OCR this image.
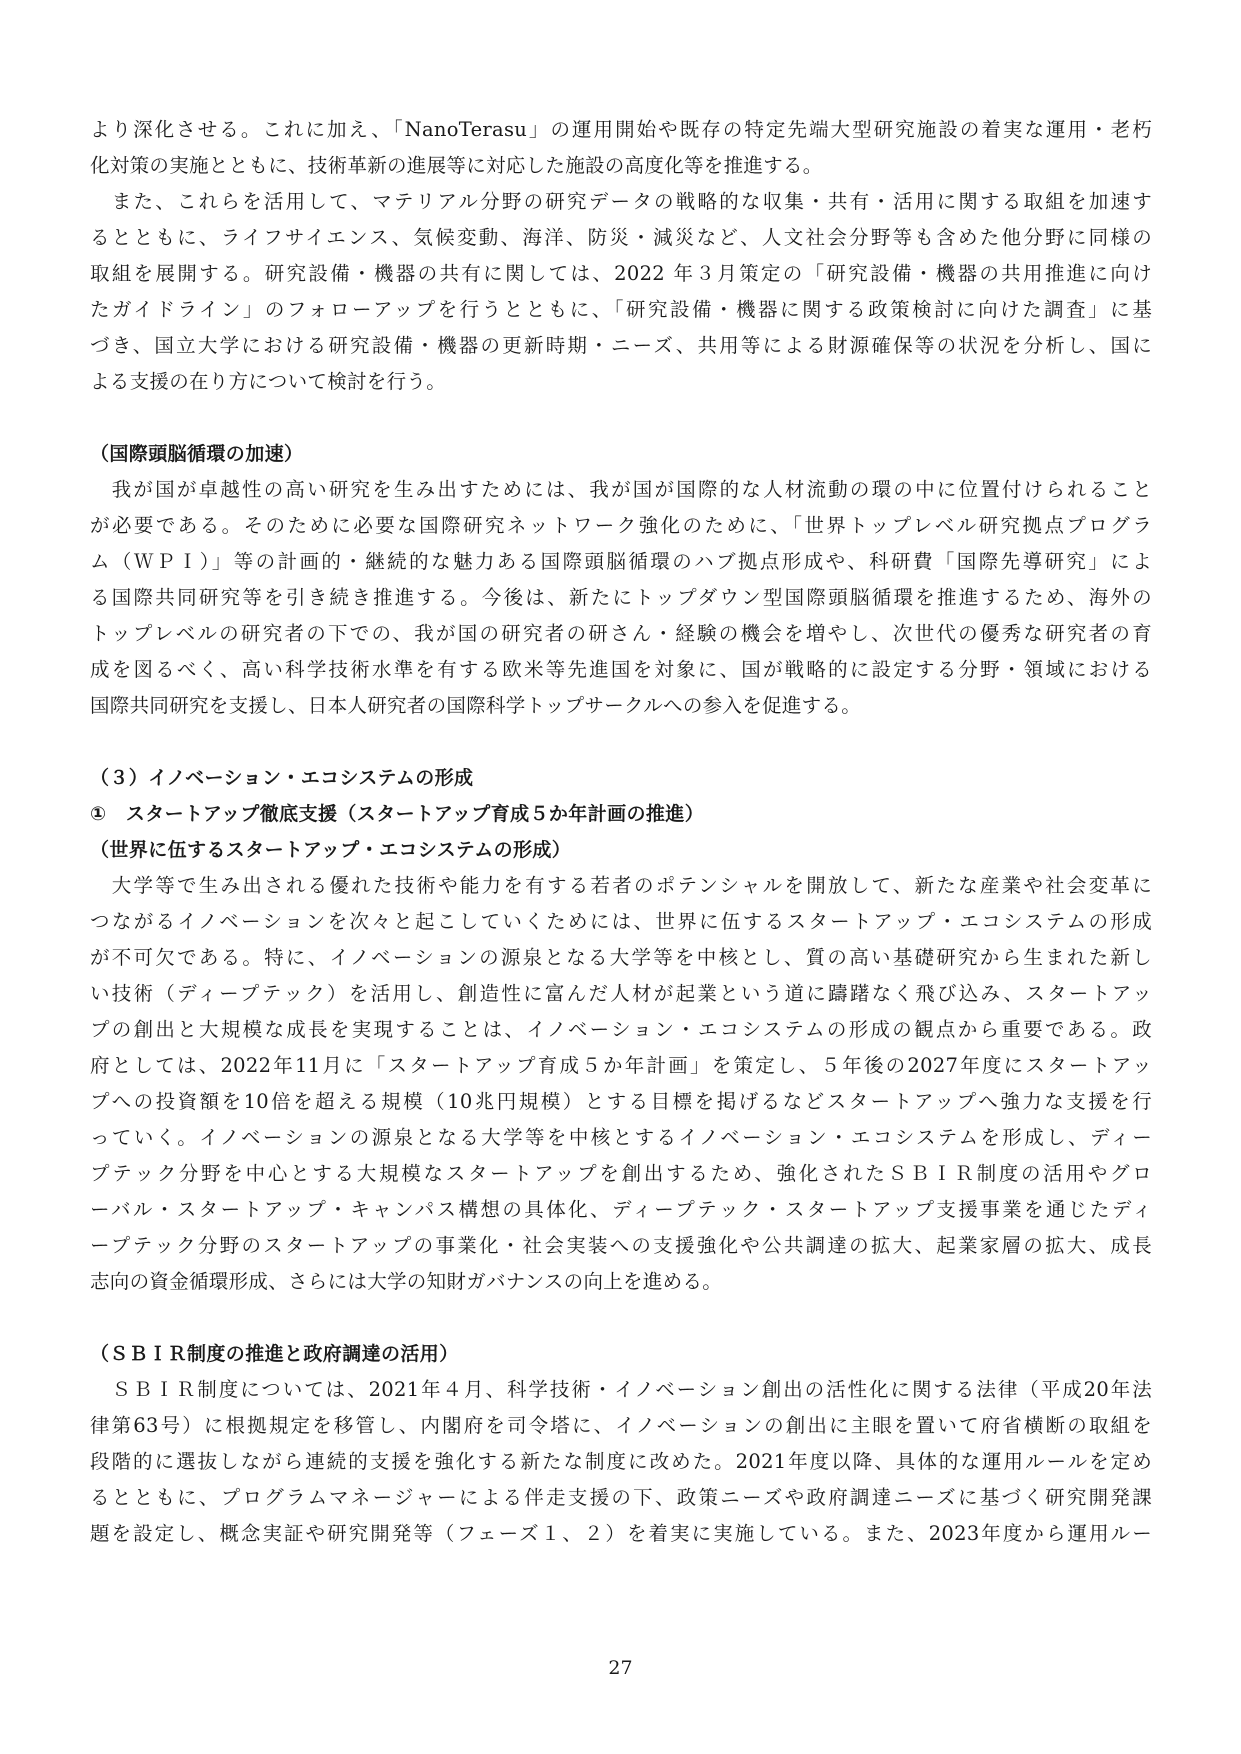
より深化させる。これに加え、「NanoTerasu」の運用開始や既存の特定先端大型研究施設の着実な運用・老朽
化対策の実施とともに、技術革新の進展等に対応した施設の高度化等を推進する。
　また、これらを活用して、マテリアル分野の研究データの戦略的な収集・共有・活用に関する取組を加速す
るとともに、ライフサイエンス、気候変動、海洋、防災・減災など、人文社会分野等も含めた他分野に同様の
取組を展開する。研究設備・機器の共有に関しては、2022 年３月策定の「研究設備・機器の共用推進に向け
たガイドライン」のフォローアップを行うとともに、「研究設備・機器に関する政策検討に向けた調査」に基
づき、国立大学における研究設備・機器の更新時期・ニーズ、共用等による財源確保等の状況を分析し、国に
よる支援の在り方について検討を行う。
（国際頭脳循環の加速）
　我が国が卓越性の高い研究を生み出すためには、我が国が国際的な人材流動の環の中に位置付けられること
が必要である。そのために必要な国際研究ネットワーク強化のために、「世界トップレベル研究拠点プログラ
ム（ＷＰＩ）」等の計画的・継続的な魅力ある国際頭脳循環のハブ拠点形成や、科研費「国際先導研究」によ
る国際共同研究等を引き続き推進する。今後は、新たにトップダウン型国際頭脳循環を推進するため、海外の
トップレベルの研究者の下での、我が国の研究者の研さん・経験の機会を増やし、次世代の優秀な研究者の育
成を図るべく、高い科学技術水準を有する欧米等先進国を対象に、国が戦略的に設定する分野・領域における
国際共同研究を支援し、日本人研究者の国際科学トップサークルへの参入を促進する。
（３）イノベーション・エコシステムの形成
①　スタートアップ徹底支援（スタートアップ育成５か年計画の推進）
（世界に伍するスタートアップ・エコシステムの形成）
　大学等で生み出される優れた技術や能力を有する若者のポテンシャルを開放して、新たな産業や社会変革に
つながるイノベーションを次々と起こしていくためには、世界に伍するスタートアップ・エコシステムの形成
が不可欠である。特に、イノベーションの源泉となる大学等を中核とし、質の高い基礎研究から生まれた新し
い技術（ディープテック）を活用し、創造性に富んだ人材が起業という道に躊躇なく飛び込み、スタートアッ
プの創出と大規模な成長を実現することは、イノベーション・エコシステムの形成の観点から重要である。政
府としては、2022年11月に「スタートアップ育成５か年計画」を策定し、５年後の2027年度にスタートアッ
プへの投資額を10倍を超える規模（10兆円規模）とする目標を掲げるなどスタートアップへ強力な支援を行
っていく。イノベーションの源泉となる大学等を中核とするイノベーション・エコシステムを形成し、ディー
プテック分野を中心とする大規模なスタートアップを創出するため、強化されたＳＢＩＲ制度の活用やグロ
ーバル・スタートアップ・キャンパス構想の具体化、ディープテック・スタートアップ支援事業を通じたディ
ープテック分野のスタートアップの事業化・社会実装への支援強化や公共調達の拡大、起業家層の拡大、成長
志向の資金循環形成、さらには大学の知財ガバナンスの向上を進める。
（ＳＢＩＲ制度の推進と政府調達の活用）
　ＳＢＩＲ制度については、2021年４月、科学技術・イノベーション創出の活性化に関する法律（平成20年法
律第63号）に根拠規定を移管し、内閣府を司令塔に、イノベーションの創出に主眼を置いて府省横断の取組を
段階的に選抜しながら連続的支援を強化する新たな制度に改めた。2021年度以降、具体的な運用ルールを定め
るとともに、プログラムマネージャーによる伴走支援の下、政策ニーズや政府調達ニーズに基づく研究開発課
題を設定し、概念実証や研究開発等（フェーズ１、２）を着実に実施している。また、2023年度から運用ルー
27
